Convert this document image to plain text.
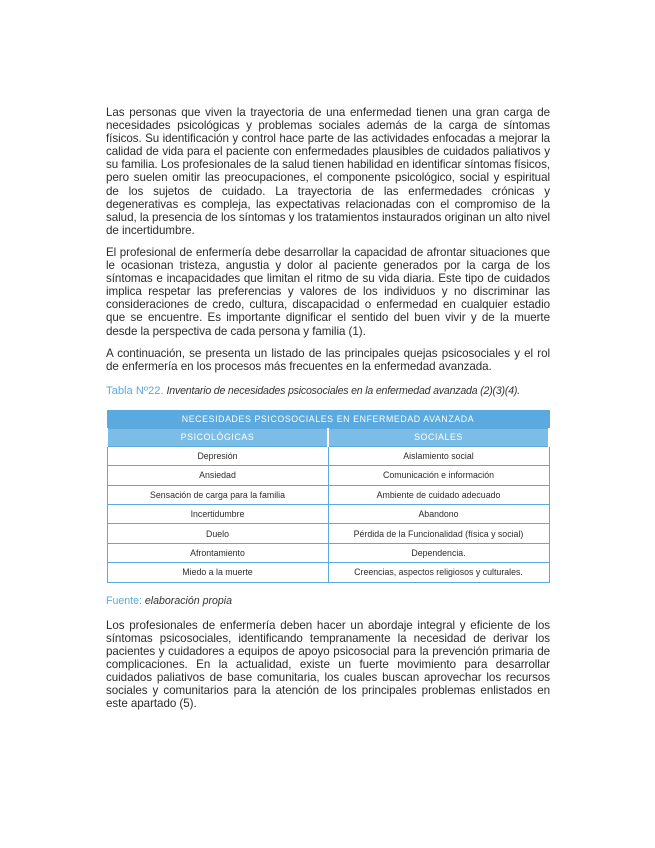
Las personas que viven la trayectoria de una enfermedad tienen una gran carga de necesidades psicológicas y problemas sociales además de la carga de síntomas físicos. Su identificación y control hace parte de las actividades enfocadas a mejorar la calidad de vida para el paciente con enfermedades plausibles de cuidados paliativos y su familia. Los profesionales de la salud tienen habilidad en identificar síntomas físicos, pero suelen omitir las preocupaciones, el componente psicológico, social y espiritual de los sujetos de cuidado. La trayectoria de las enfermedades crónicas y degenerativas es compleja, las expectativas relacionadas con el compromiso de la salud, la presencia de los síntomas y los tratamientos instaurados originan un alto nivel de incertidumbre.

El profesional de enfermería debe desarrollar la capacidad de afrontar situaciones que le ocasionan tristeza, angustia y dolor al paciente generados por la carga de los síntomas e incapacidades que limitan el ritmo de su vida diaria. Este tipo de cuidados implica respetar las preferencias y valores de los individuos y no discriminar las consideraciones de credo, cultura, discapacidad o enfermedad en cualquier estadio que se encuentre. Es importante dignificar el sentido del buen vivir y de la muerte desde la perspectiva de cada persona y familia (1).

A continuación, se presenta un listado de las principales quejas psicosociales y el rol de enfermería en los procesos más frecuentes en la enfermedad avanzada.

Tabla Nº22. Inventario de necesidades psicosociales en la enfermedad avanzada (2)(3)(4).
NECESIDADES PSICOSOCIALES EN ENFERMEDAD AVANZADA	
PSICOLÓGICAS	SOCIALES
Depresión	Aislamiento social
Ansiedad	Comunicación e información
Sensación de carga para la familia	Ambiente de cuidado adecuado
Incertidumbre	Abandono
Duelo	Pérdida de la Funcionalidad (física y social)
Afrontamiento	Dependencia.
Miedo a la muerte	Creencias, aspectos religiosos y culturales.
Fuente: elaboración propia

Los profesionales de enfermería deben hacer un abordaje integral y eficiente de los síntomas psicosociales, identificando tempranamente la necesidad de derivar los pacientes y cuidadores a equipos de apoyo psicosocial para la prevención primaria de complicaciones. En la actualidad, existe un fuerte movimiento para desarrollar cuidados paliativos de base comunitaria, los cuales buscan aprovechar los recursos sociales y comunitarios para la atención de los principales problemas enlistados en este apartado (5).
